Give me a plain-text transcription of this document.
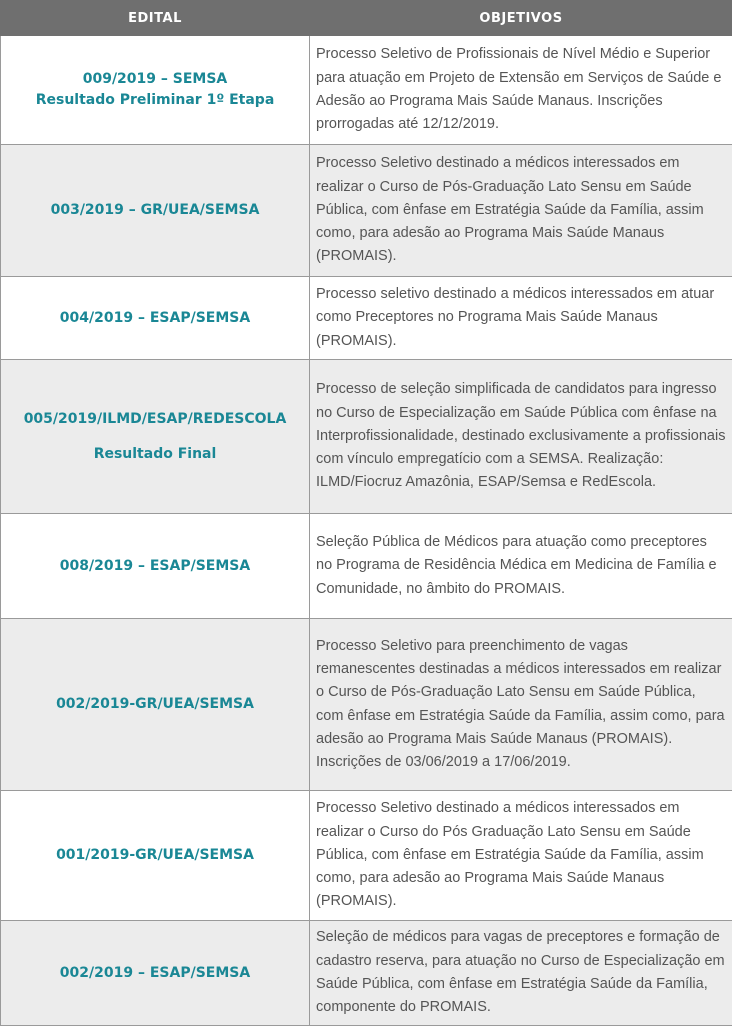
EDITAL	OBJETIVOS

009/2019 – SEMSA
Resultado Preliminar 1º Etapa	Processo Seletivo de Profissionais de Nível Médio e Superior para atuação em Projeto de Extensão em Serviços de Saúde e Adesão ao Programa Mais Saúde Manaus. Inscrições prorrogadas até 12/12/2019.

003/2019 – GR/UEA/SEMSA	Processo Seletivo destinado a médicos interessados em realizar o Curso de Pós-Graduação Lato Sensu em Saúde Pública, com ênfase em Estratégia Saúde da Família, assim como, para adesão ao Programa Mais Saúde Manaus (PROMAIS).

004/2019 – ESAP/SEMSA	Processo seletivo destinado a médicos interessados em atuar como Preceptores no Programa Mais Saúde Manaus (PROMAIS).

005/2019/ILMD/ESAP/REDESCOLA
Resultado Final	Processo de seleção simplificada de candidatos para ingresso no Curso de Especialização em Saúde Pública com ênfase na Interprofissionalidade, destinado exclusivamente a profissionais com vínculo empregatício com a SEMSA. Realização: ILMD/Fiocruz Amazônia, ESAP/Semsa e RedEscola.

008/2019 – ESAP/SEMSA	Seleção Pública de Médicos para atuação como preceptores no Programa de Residência Médica em Medicina de Família e Comunidade, no âmbito do PROMAIS.

002/2019-GR/UEA/SEMSA	Processo Seletivo para preenchimento de vagas remanescentes destinadas a médicos interessados em realizar o Curso de Pós-Graduação Lato Sensu em Saúde Pública, com ênfase em Estratégia Saúde da Família, assim como, para adesão ao Programa Mais Saúde Manaus (PROMAIS).
Inscrições de 03/06/2019 a 17/06/2019.

001/2019-GR/UEA/SEMSA	Processo Seletivo destinado a médicos interessados em realizar o Curso do Pós Graduação Lato Sensu em Saúde Pública, com ênfase em Estratégia Saúde da Família, assim como, para adesão ao Programa Mais Saúde Manaus (PROMAIS).

002/2019 – ESAP/SEMSA	Seleção de médicos para vagas de preceptores e formação de cadastro reserva, para atuação no Curso de Especialização em Saúde Pública, com ênfase em Estratégia Saúde da Família, componente do PROMAIS.
